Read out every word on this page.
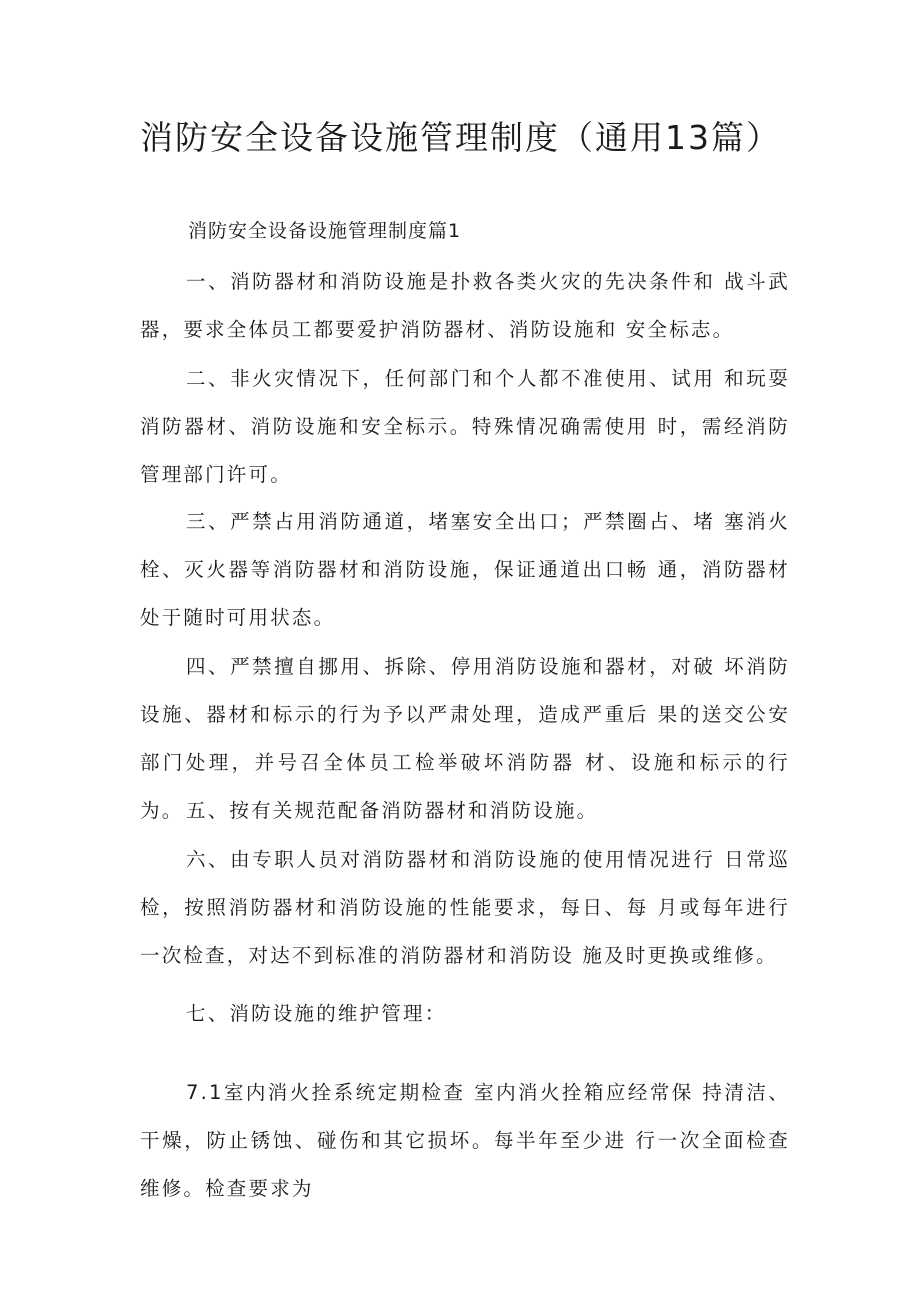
消防安全设备设施管理制度（通用13篇）
消防安全设备设施管理制度篇1

一、消防器材和消防设施是扑救各类火灾的先决条件和 战斗武器，要求全体员工都要爱护消防器材、消防设施和 安全标志。

二、非火灾情况下，任何部门和个人都不准使用、试用 和玩耍消防器材、消防设施和安全标示。特殊情况确需使用 时，需经消防管理部门许可。

三、严禁占用消防通道，堵塞安全出口；严禁圈占、堵 塞消火栓、灭火器等消防器材和消防设施，保证通道出口畅 通，消防器材处于随时可用状态。

四、严禁擅自挪用、拆除、停用消防设施和器材，对破 坏消防设施、器材和标示的行为予以严肃处理，造成严重后 果的送交公安部门处理，并号召全体员工检举破坏消防器 材、设施和标示的行为。 五、按有关规范配备消防器材和消防设施。

六、由专职人员对消防器材和消防设施的使用情况进行 日常巡检，按照消防器材和消防设施的性能要求，每日、每 月或每年进行一次检查，对达不到标准的消防器材和消防设 施及时更换或维修。

七、消防设施的维护管理：

7.1室内消火拴系统定期检查 室内消火拴箱应经常保 持清洁、干燥，防止锈蚀、碰伤和其它损坏。每半年至少进 行一次全面检查维修。检查要求为
